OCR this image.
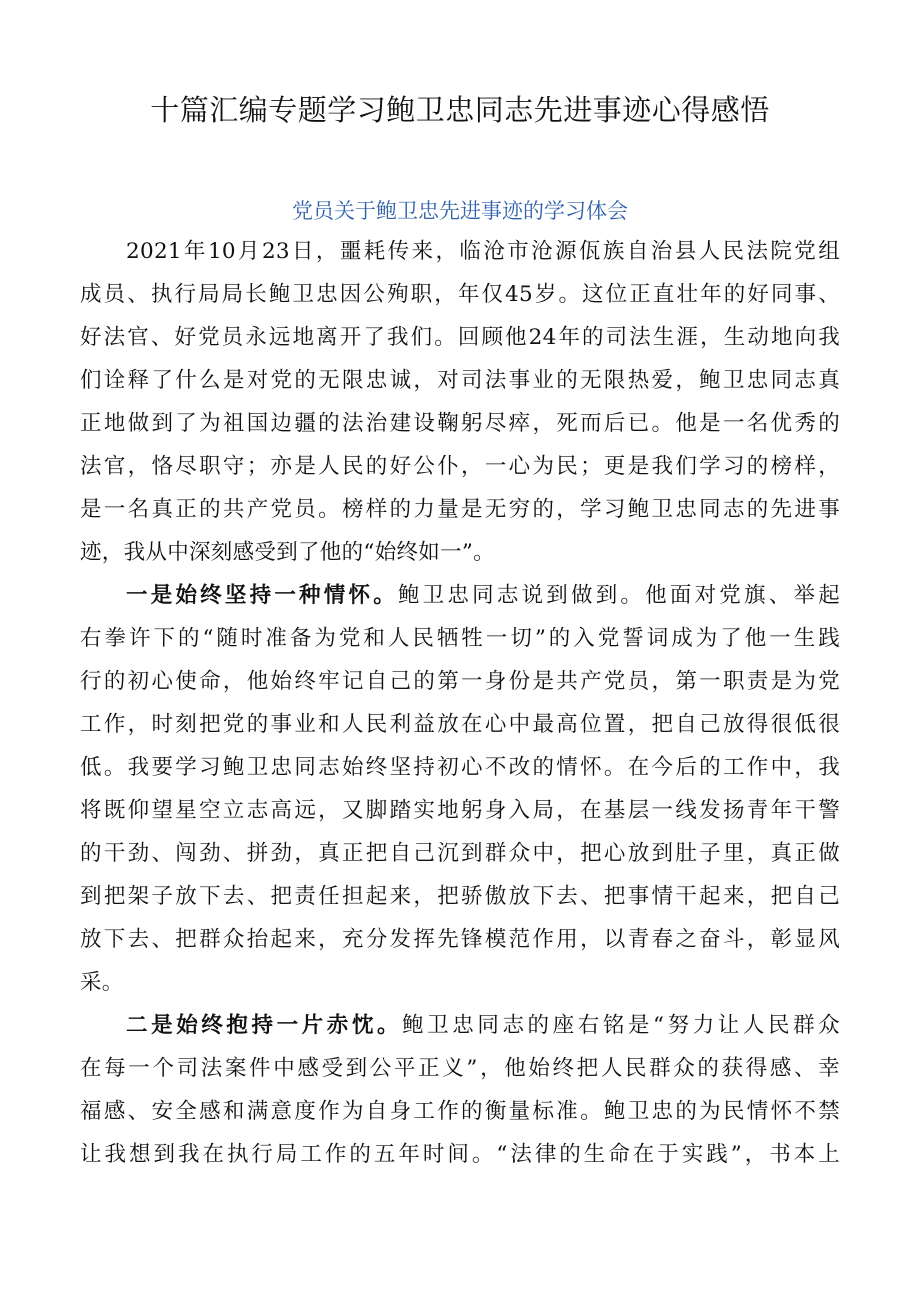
十篇汇编专题学习鲍卫忠同志先进事迹心得感悟
党员关于鲍卫忠先进事迹的学习体会
2021年10月23日，噩耗传来，临沧市沧源佤族自治县人民法院党组
成员、执行局局长鲍卫忠因公殉职，年仅45岁。这位正直壮年的好同事、
好法官、好党员永远地离开了我们。回顾他24年的司法生涯，生动地向我
们诠释了什么是对党的无限忠诚，对司法事业的无限热爱，鲍卫忠同志真
正地做到了为祖国边疆的法治建设鞠躬尽瘁，死而后已。他是一名优秀的
法官，恪尽职守；亦是人民的好公仆，一心为民；更是我们学习的榜样，
是一名真正的共产党员。榜样的力量是无穷的，学习鲍卫忠同志的先进事
迹，我从中深刻感受到了他的“始终如一”。
一是始终坚持一种情怀。鲍卫忠同志说到做到。他面对党旗、举起
右拳许下的“随时准备为党和人民牺牲一切”的入党誓词成为了他一生践
行的初心使命，他始终牢记自己的第一身份是共产党员，第一职责是为党
工作，时刻把党的事业和人民利益放在心中最高位置，把自己放得很低很
低。我要学习鲍卫忠同志始终坚持初心不改的情怀。在今后的工作中，我
将既仰望星空立志高远，又脚踏实地躬身入局，在基层一线发扬青年干警
的干劲、闯劲、拼劲，真正把自己沉到群众中，把心放到肚子里，真正做
到把架子放下去、把责任担起来，把骄傲放下去、把事情干起来，把自己
放下去、把群众抬起来，充分发挥先锋模范作用，以青春之奋斗，彰显风
采。
二是始终抱持一片赤忱。鲍卫忠同志的座右铭是“努力让人民群众
在每一个司法案件中感受到公平正义”，他始终把人民群众的获得感、幸
福感、安全感和满意度作为自身工作的衡量标准。鲍卫忠的为民情怀不禁
让我想到我在执行局工作的五年时间。“法律的生命在于实践”，书本上
